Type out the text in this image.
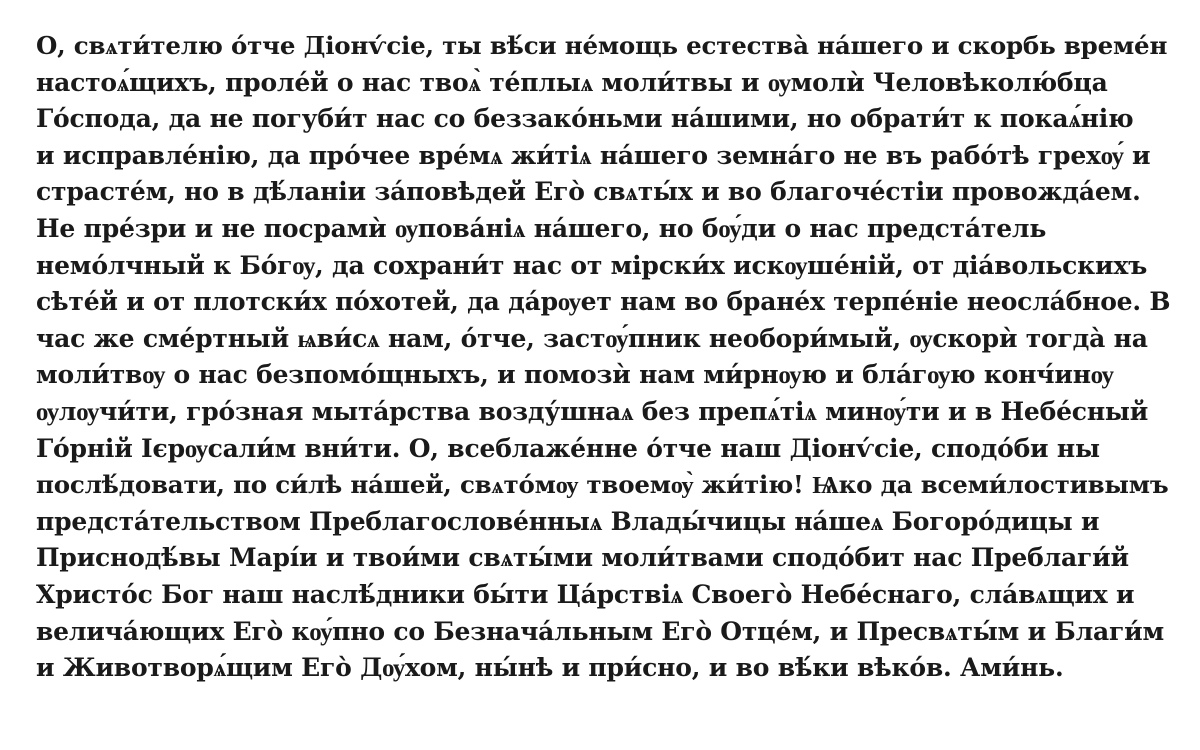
О, свѧти́телю о́тче Діонѵ́сіе, ты вѣ́си не́мощь естества̀ на́шего и скорбь време́н
настоѧ́щихъ, проле́й о нас твоѧ̀ те́плыѧ моли́твы и ѹмолѝ Человѣколю́бца
Го́спода, да не погуби́т нас со беззако́ньми на́шими, но обрати́т к покаѧ́нію
и исправле́нію, да про́чее вре́мѧ жи́тіѧ на́шего земна́го не въ рабо́тѣ грехѹ́ и
страсте́м, но в дѣ́ланіи за́повѣдей Его̀ свѧты́х и во благоче́стіи провожда́ем.
Не пре́зри и не посрамѝ ѹпова́ніѧ на́шего, но бѹ́ди о нас предста́тель
немо́лчный к Бо́гѹ, да сохрани́т нас от мірски́х искѹше́ній, от діа́вольскихъ
сѣте́й и от плотски́х по́хотей, да да́рѹет нам во бране́х терпе́ніе неосла́бное. В
час же сме́ртный ѩви́сѧ нам, о́тче, застѹ́пник необори́мый, ѹскорѝ тогда̀ на
моли́твѹ о нас безпомо́щныхъ, и помозѝ нам ми́рнѹю и бла́гѹю конч́инѹ
ѹлѹчи́ти, гро́зная мыта́рства возду́шнаѧ без препѧ́тіѧ минѹ́ти и в Небе́сный
Го́рній Ієрѹсали́м вни́ти. О, всеблаже́нне о́тче наш Діонѵ́сіе, сподо́би ны
послѣ́довати, по си́лѣ на́шей, свѧто́мѹ твоемѹ̀ жи́тію! Ѩко да всеми́лостивымъ
предста́тельством Преблагослове́нныѧ Влады́чицы на́шеѧ Богоро́дицы и
Приснодѣ́вы Марі́и и твои́ми свѧты́ми моли́твами сподо́бит нас Преблаги́й
Христо́с Бог наш наслѣ́дники бы́ти Ца́рствіѧ Своего̀ Небе́снаго, сла́вѧщих и
велича́ющих Его̀ кѹ́пно со Безнача́льным Его̀ Отце́м, и Пресвѧты́м и Благи́м
и Животворѧ́щим Его̀ Дѹ́хом, ны́нѣ и при́сно, и во вѣ́ки вѣко́в. Ами́нь.
